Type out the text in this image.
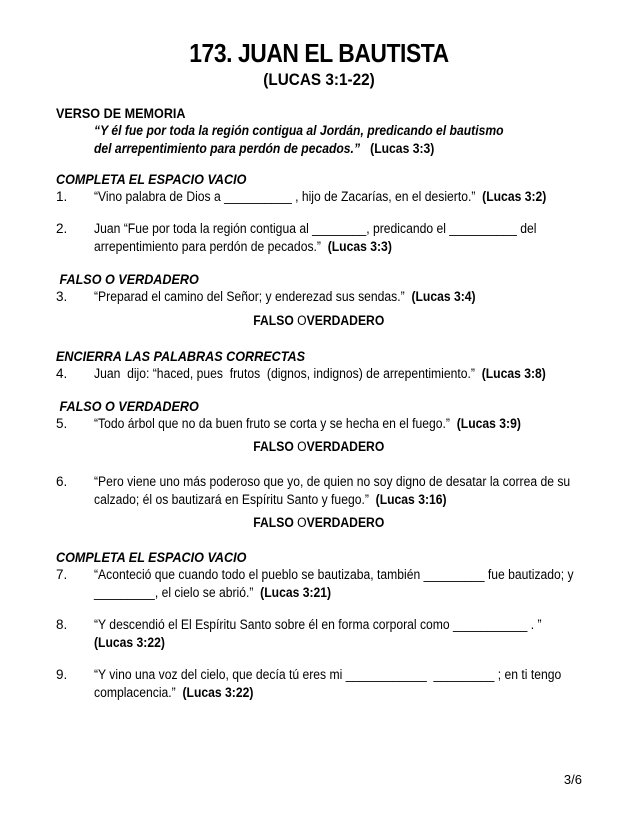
173. JUAN EL BAUTISTA
(LUCAS 3:1-22)
VERSO DE MEMORIA
“Y él fue por toda la región contigua al Jordán, predicando el bautismo
del arrepentimiento para perdón de pecados.” (Lucas 3:3)
COMPLETA EL ESPACIO VACIO
1.	“Vino palabra de Dios a __________ , hijo de Zacarías, en el desierto.” (Lucas 3:2)
2.	Juan “Fue por toda la región contigua al ________, predicando el __________ del
arrepentimiento para perdón de pecados.” (Lucas 3:3)
FALSO O VERDADERO
3.	“Preparad el camino del Señor; y enderezad sus sendas.” (Lucas 3:4)
FALSO OVERDADERO
ENCIERRA LAS PALABRAS CORRECTAS
4.	Juan  dijo: “haced, pues  frutos  (dignos, indignos) de arrepentimiento.” (Lucas 3:8)
FALSO O VERDADERO
5.	“Todo árbol que no da buen fruto se corta y se hecha en el fuego.” (Lucas 3:9)
FALSO OVERDADERO
6.	“Pero viene uno más poderoso que yo, de quien no soy digno de desatar la correa de su
calzado; él os bautizará en Espíritu Santo y fuego.” (Lucas 3:16)
FALSO OVERDADERO
COMPLETA EL ESPACIO VACIO
7.	“Aconteció que cuando todo el pueblo se bautizaba, también _________ fue bautizado; y
_________, el cielo se abrió.” (Lucas 3:21)
8.	“Y descendió el El Espíritu Santo sobre él en forma corporal como ___________ . ”
(Lucas 3:22)
9.	“Y vino una voz del cielo, que decía tú eres mi ____________  _________ ; en ti tengo
complacencia.” (Lucas 3:22)
3/6
